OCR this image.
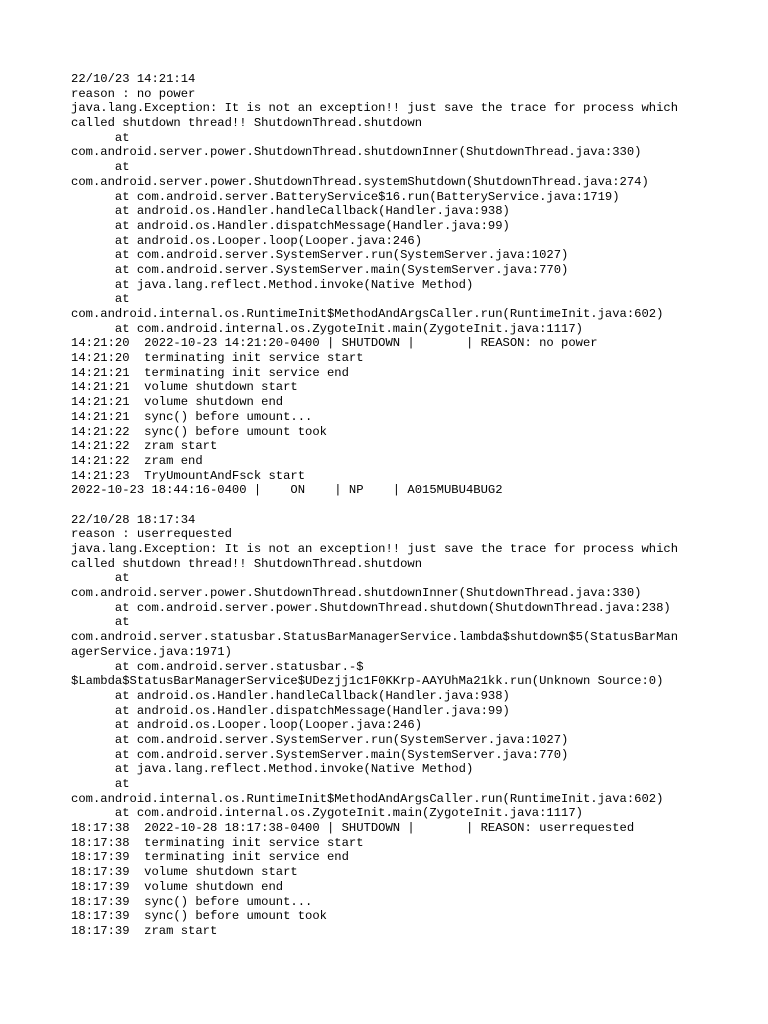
22/10/23 14:21:14
reason : no power
java.lang.Exception: It is not an exception!! just save the trace for process which
called shutdown thread!! ShutdownThread.shutdown
at
com.android.server.power.ShutdownThread.shutdownInner(ShutdownThread.java:330)
at
com.android.server.power.ShutdownThread.systemShutdown(ShutdownThread.java:274)
at com.android.server.BatteryService$16.run(BatteryService.java:1719)
at android.os.Handler.handleCallback(Handler.java:938)
at android.os.Handler.dispatchMessage(Handler.java:99)
at android.os.Looper.loop(Looper.java:246)
at com.android.server.SystemServer.run(SystemServer.java:1027)
at com.android.server.SystemServer.main(SystemServer.java:770)
at java.lang.reflect.Method.invoke(Native Method)
at
com.android.internal.os.RuntimeInit$MethodAndArgsCaller.run(RuntimeInit.java:602)
at com.android.internal.os.ZygoteInit.main(ZygoteInit.java:1117)
14:21:20  2022-10-23 14:21:20-0400 | SHUTDOWN |       | REASON: no power
14:21:20  terminating init service start
14:21:21  terminating init service end
14:21:21  volume shutdown start
14:21:21  volume shutdown end
14:21:21  sync() before umount...
14:21:22  sync() before umount took
14:21:22  zram start
14:21:22  zram end
14:21:23  TryUmountAndFsck start
2022-10-23 18:44:16-0400 |    ON    | NP    | A015MUBU4BUG2
22/10/28 18:17:34
reason : userrequested
java.lang.Exception: It is not an exception!! just save the trace for process which
called shutdown thread!! ShutdownThread.shutdown
at
com.android.server.power.ShutdownThread.shutdownInner(ShutdownThread.java:330)
at com.android.server.power.ShutdownThread.shutdown(ShutdownThread.java:238)
at
com.android.server.statusbar.StatusBarManagerService.lambda$shutdown$5(StatusBarMan
agerService.java:1971)
at com.android.server.statusbar.-$
$Lambda$StatusBarManagerService$UDezjj1c1F0KKrp-AAYUhMa21kk.run(Unknown Source:0)
at android.os.Handler.handleCallback(Handler.java:938)
at android.os.Handler.dispatchMessage(Handler.java:99)
at android.os.Looper.loop(Looper.java:246)
at com.android.server.SystemServer.run(SystemServer.java:1027)
at com.android.server.SystemServer.main(SystemServer.java:770)
at java.lang.reflect.Method.invoke(Native Method)
at
com.android.internal.os.RuntimeInit$MethodAndArgsCaller.run(RuntimeInit.java:602)
at com.android.internal.os.ZygoteInit.main(ZygoteInit.java:1117)
18:17:38  2022-10-28 18:17:38-0400 | SHUTDOWN |       | REASON: userrequested
18:17:38  terminating init service start
18:17:39  terminating init service end
18:17:39  volume shutdown start
18:17:39  volume shutdown end
18:17:39  sync() before umount...
18:17:39  sync() before umount took
18:17:39  zram start
